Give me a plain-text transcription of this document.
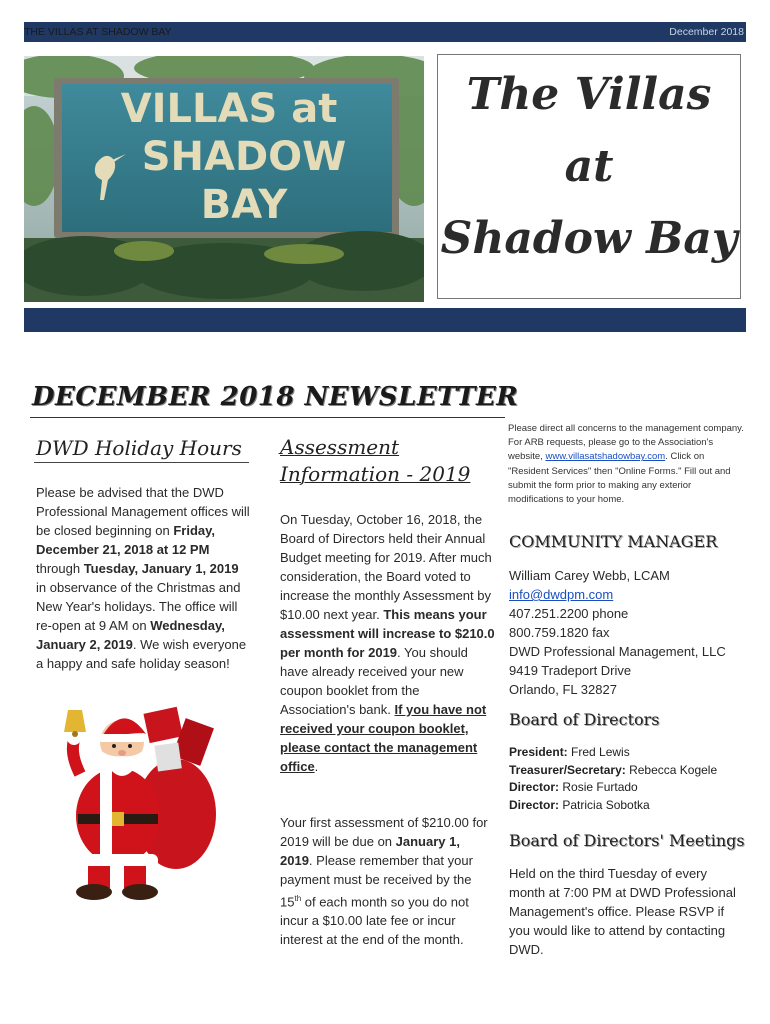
THE VILLAS AT SHADOW BAY	December 2018
VILLAS at
SHADOW
BAY
The Villas
at
Shadow Bay
DECEMBER 2018 NEWSLETTER
DWD Holiday Hours
Please be advised that the DWD Professional Management offices will be closed beginning on Friday, December 21, 2018 at 12 PM through Tuesday, January 1, 2019 in observance of the Christmas and New Year's holidays. The office will re-open at 9 AM on Wednesday, January 2, 2019. We wish everyone a happy and safe holiday season!
Assessment Information - 2019
On Tuesday, October 16, 2018, the Board of Directors held their Annual Budget meeting for 2019. After much consideration, the Board voted to increase the monthly Assessment by $10.00 next year. This means your assessment will increase to $210.0 per month for 2019. You should have already received your new coupon booklet from the Association's bank. If you have not received your coupon booklet, please contact the management office.
Your first assessment of $210.00 for 2019 will be due on January 1, 2019. Please remember that your payment must be received by the 15th of each month so you do not incur a $10.00 late fee or incur interest at the end of the month.
Please direct all concerns to the management company. For ARB requests, please go to the Association's website, www.villasatshadowbay.com. Click on "Resident Services" then "Online Forms." Fill out and submit the form prior to making any exterior modifications to your home.
COMMUNITY MANAGER
William Carey Webb, LCAM
info@dwdpm.com
407.251.2200 phone
800.759.1820 fax
DWD Professional Management, LLC
9419 Tradeport Drive
Orlando, FL 32827
Board of Directors
President: Fred Lewis
Treasurer/Secretary: Rebecca Kogele
Director: Rosie Furtado
Director: Patricia Sobotka
Board of Directors' Meetings
Held on the third Tuesday of every month at 7:00 PM at DWD Professional Management's office. Please RSVP if you would like to attend by contacting DWD.
